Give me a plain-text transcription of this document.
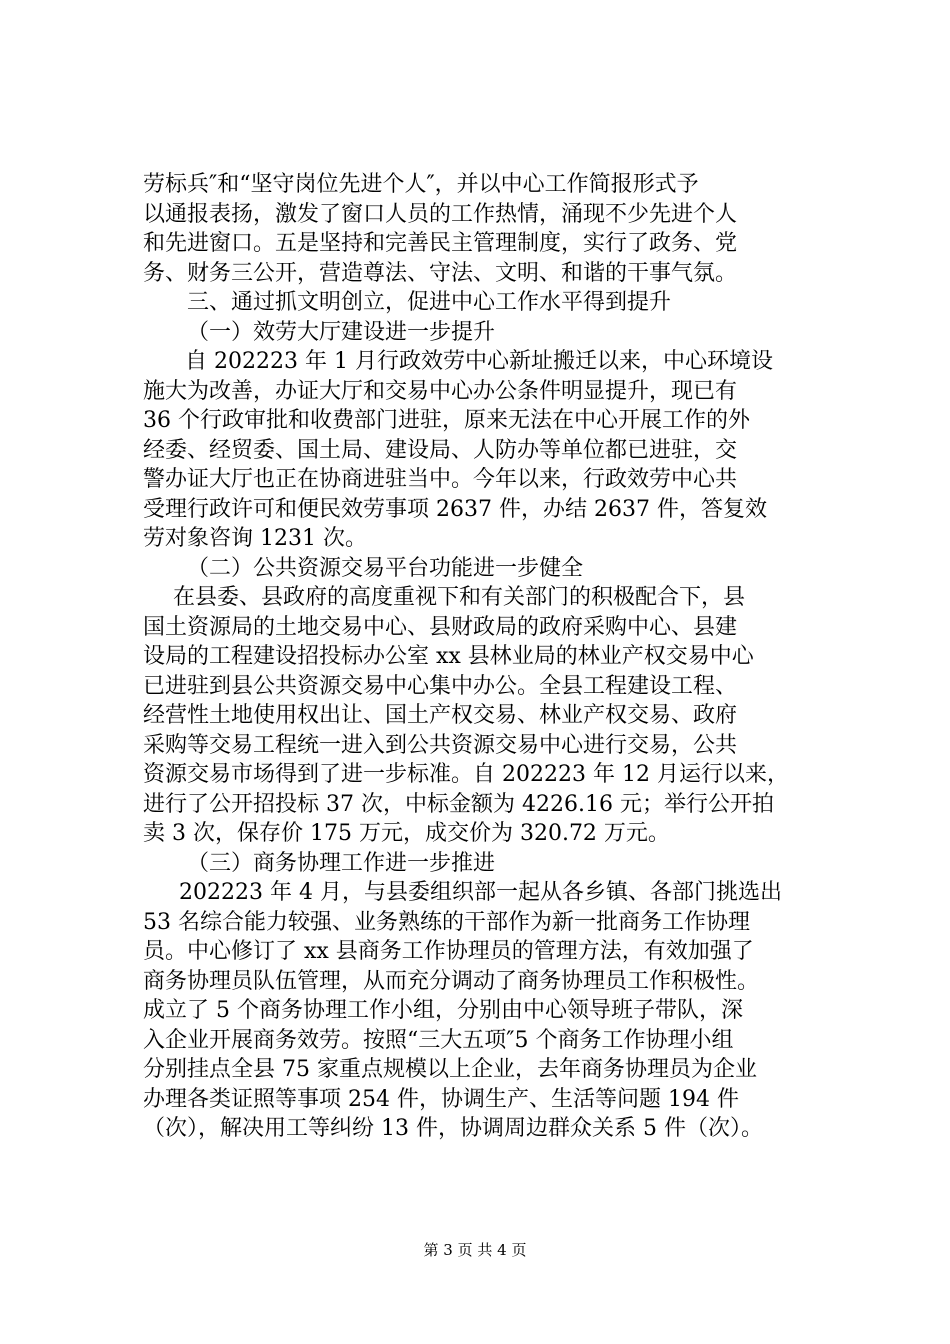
劳标兵″和“坚守岗位先进个人″，并以中心工作简报形式予
以通报表扬，激发了窗口人员的工作热情，涌现不少先进个人
和先进窗口。五是坚持和完善民主管理制度，实行了政务、党
务、财务三公开，营造尊法、守法、文明、和谐的干事气氛。
三、通过抓文明创立，促进中心工作水平得到提升
（一）效劳大厅建设进一步提升
自 202223 年 1 月行政效劳中心新址搬迁以来，中心环境设
施大为改善，办证大厅和交易中心办公条件明显提升，现已有
36 个行政审批和收费部门进驻，原来无法在中心开展工作的外
经委、经贸委、国土局、建设局、人防办等单位都已进驻，交
警办证大厅也正在协商进驻当中。今年以来，行政效劳中心共
受理行政许可和便民效劳事项 2637 件，办结 2637 件，答复效
劳对象咨询 1231 次。
（二）公共资源交易平台功能进一步健全
在县委、县政府的高度重视下和有关部门的积极配合下，县
国土资源局的土地交易中心、县财政局的政府采购中心、县建
设局的工程建设招投标办公室 xx 县林业局的林业产权交易中心
已进驻到县公共资源交易中心集中办公。全县工程建设工程、
经营性土地使用权出让、国土产权交易、林业产权交易、政府
采购等交易工程统一进入到公共资源交易中心进行交易，公共
资源交易市场得到了进一步标准。自 202223 年 12 月运行以来，
进行了公开招投标 37 次，中标金额为 4226.16 元；举行公开拍
卖 3 次，保存价 175 万元，成交价为 320.72 万元。
（三）商务协理工作进一步推进
202223 年 4 月，与县委组织部一起从各乡镇、各部门挑选出
53 名综合能力较强、业务熟练的干部作为新一批商务工作协理
员。中心修订了 xx 县商务工作协理员的管理方法，有效加强了
商务协理员队伍管理，从而充分调动了商务协理员工作积极性。
成立了 5 个商务协理工作小组，分别由中心领导班子带队，深
入企业开展商务效劳。按照“三大五项″5 个商务工作协理小组
分别挂点全县 75 家重点规模以上企业，去年商务协理员为企业
办理各类证照等事项 254 件，协调生产、生活等问题 194 件
（次），解决用工等纠纷 13 件，协调周边群众关系 5 件（次）。
第 3 页 共 4 页
